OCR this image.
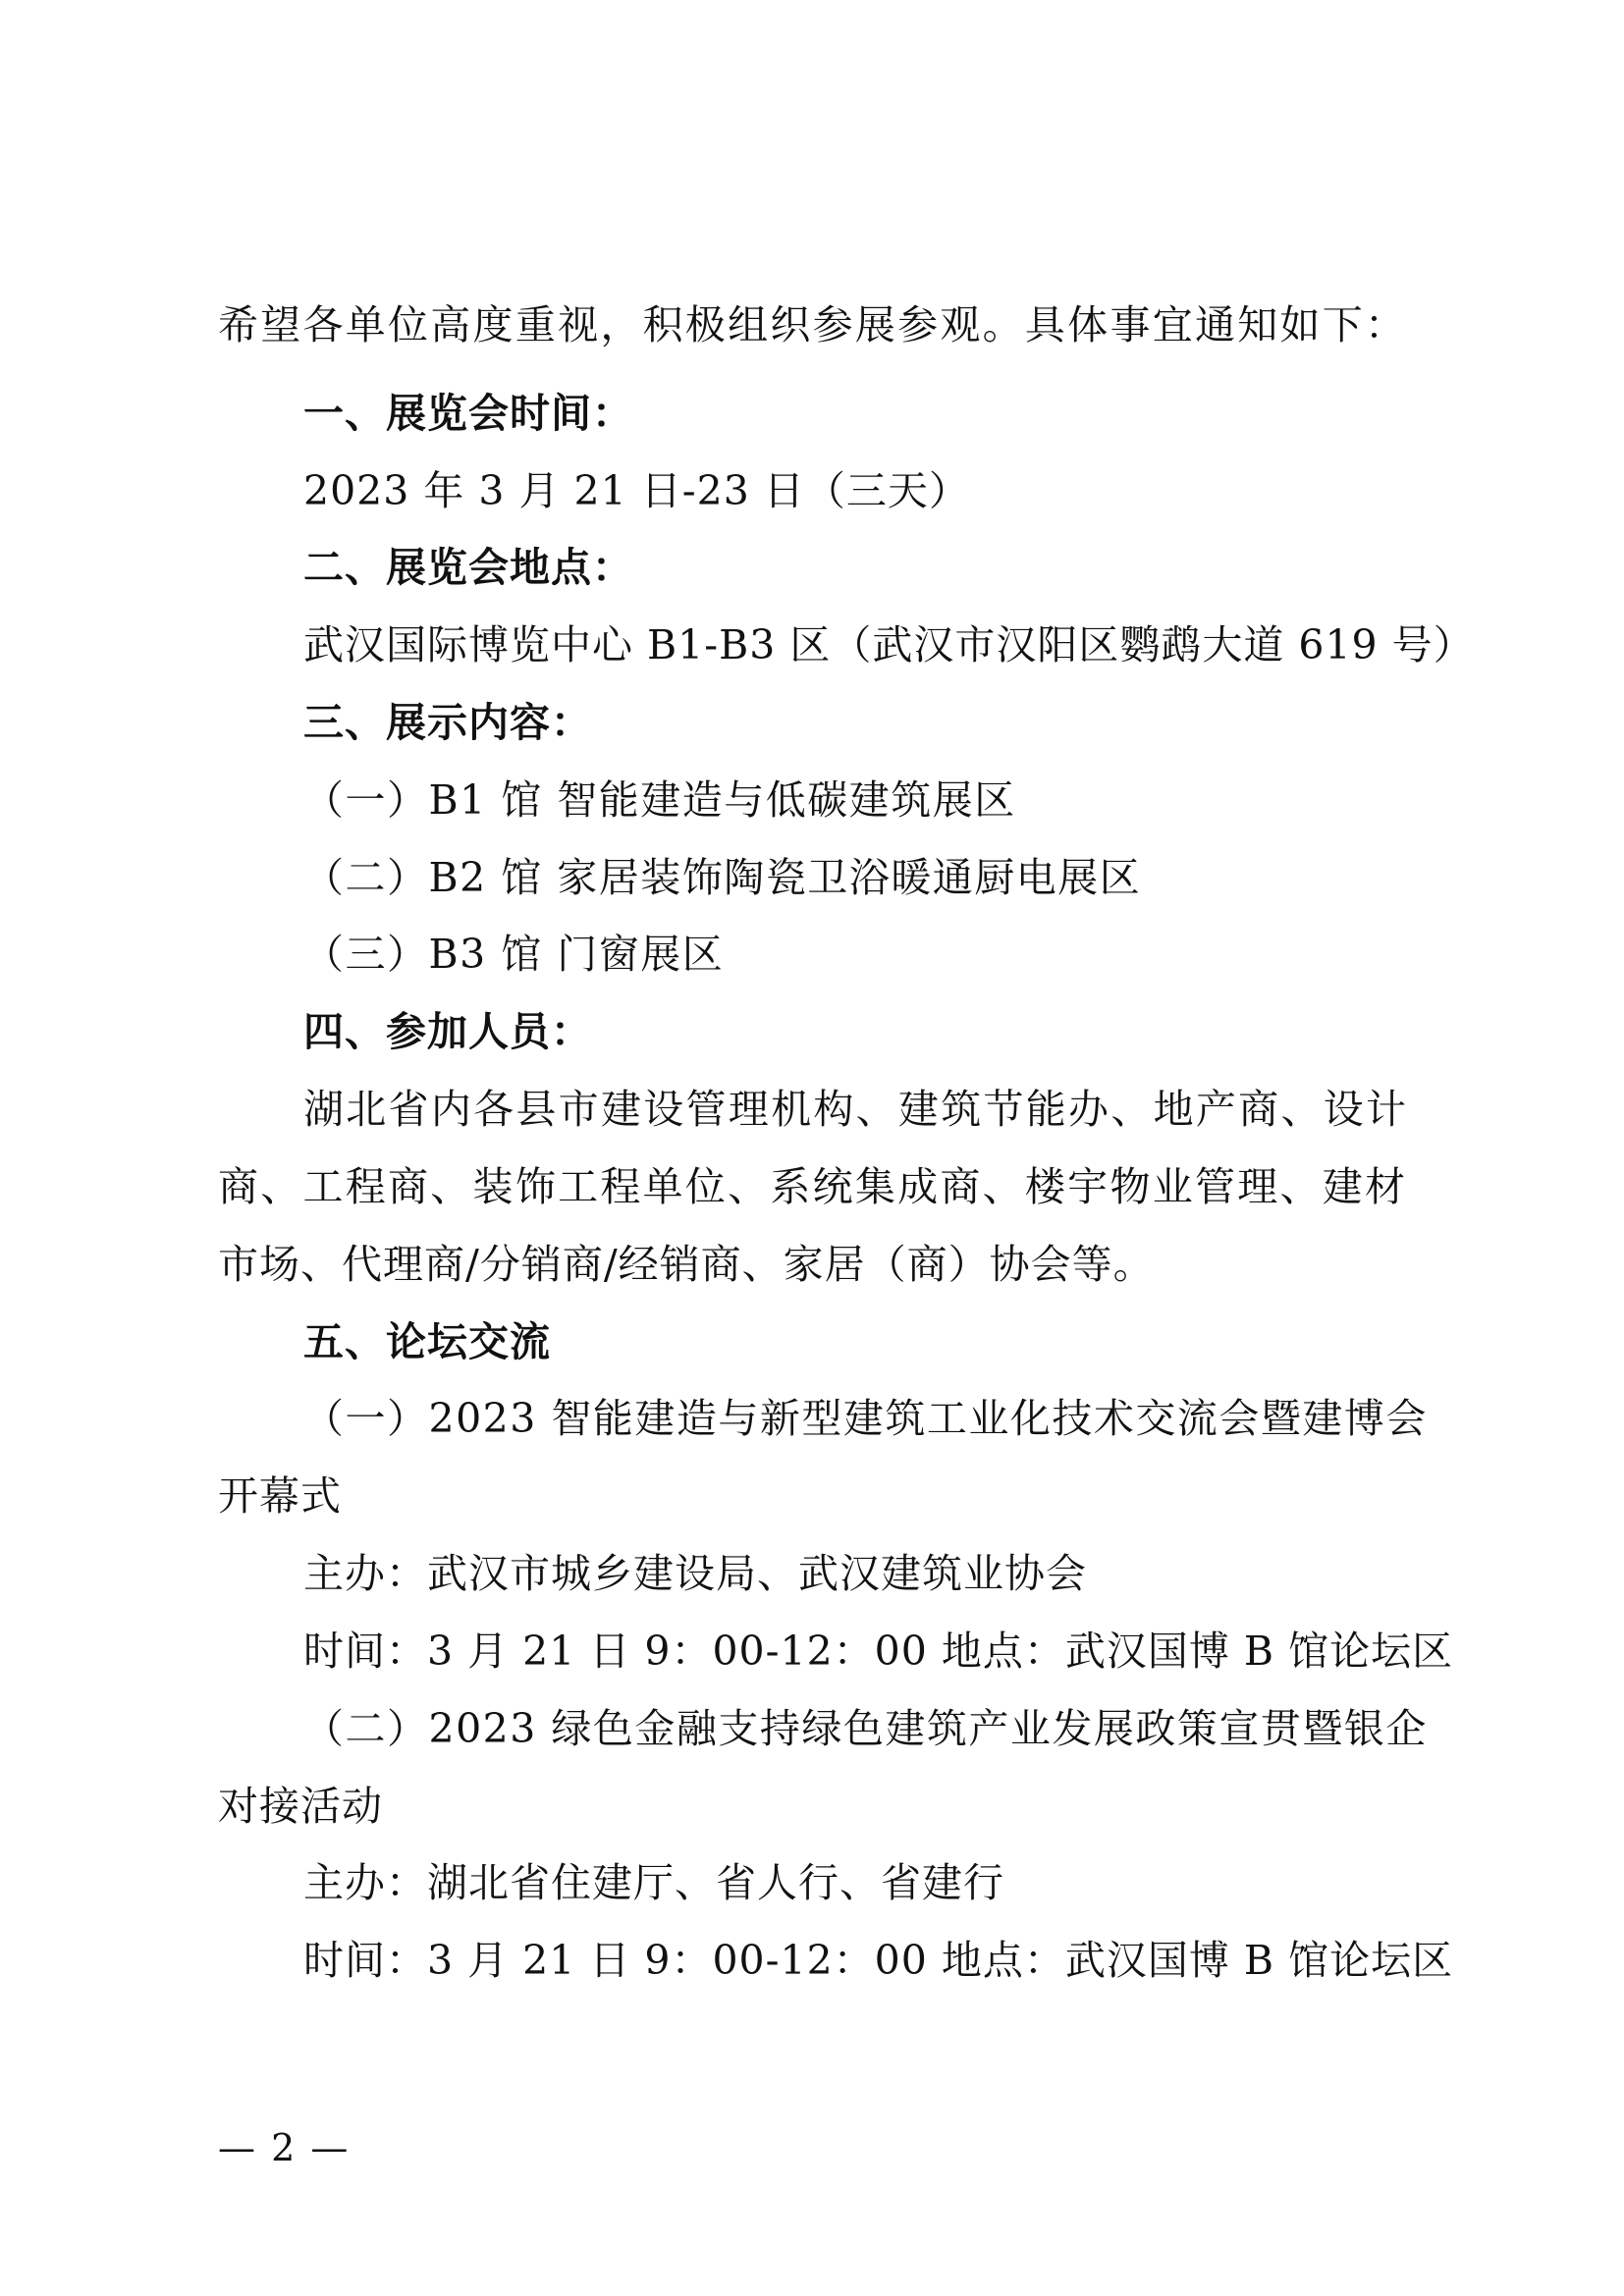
希望各单位高度重视，积极组织参展参观。具体事宜通知如下：
一、展览会时间：
2023 年 3 月 21 日-23 日（三天）
二、展览会地点：
武汉国际博览中心 B1-B3 区（武汉市汉阳区鹦鹉大道 619 号）
三、展示内容：
（一）B1 馆 智能建造与低碳建筑展区
（二）B2 馆 家居装饰陶瓷卫浴暖通厨电展区
（三）B3 馆 门窗展区
四、参加人员：
湖北省内各县市建设管理机构、建筑节能办、地产商、设计
商、工程商、装饰工程单位、系统集成商、楼宇物业管理、建材
市场、代理商/分销商/经销商、家居（商）协会等。
五、论坛交流
（一）2023 智能建造与新型建筑工业化技术交流会暨建博会
开幕式
主办：武汉市城乡建设局、武汉建筑业协会
时间：3 月 21 日 9：00-12：00 地点：武汉国博 B 馆论坛区
（二）2023 绿色金融支持绿色建筑产业发展政策宣贯暨银企
对接活动
主办：湖北省住建厅、省人行、省建行
时间：3 月 21 日 9：00-12：00 地点：武汉国博 B 馆论坛区
— 2 —
